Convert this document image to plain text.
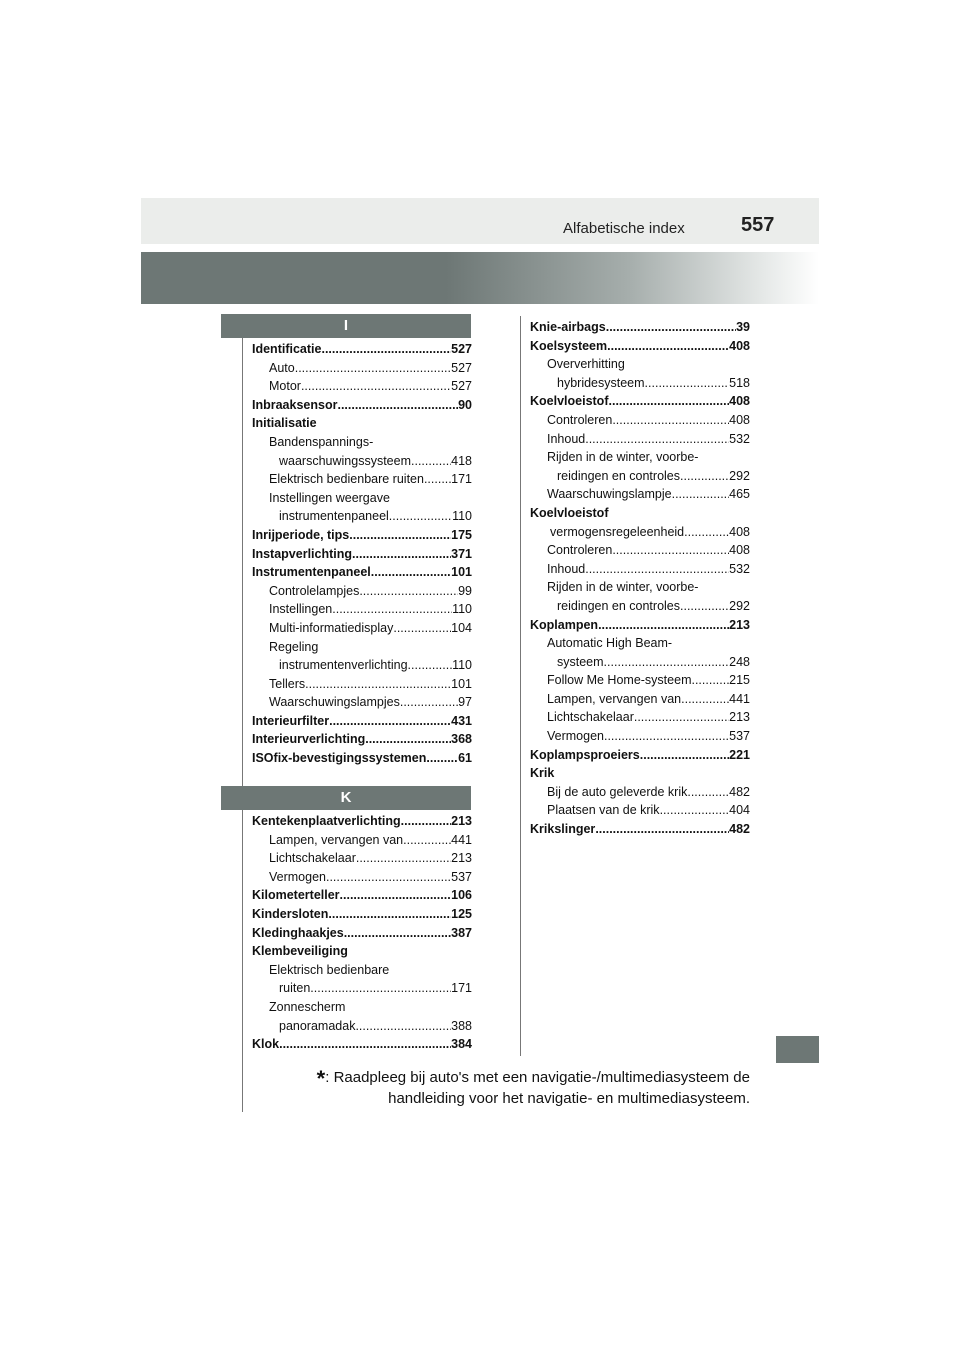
Alfabetische index	557
I
Identificatie .....	527
Auto .....	527
Motor .....	527
Inbraaksensor .....	90
Initialisatie
Bandenspannings-
waarschuwingssysteem .....	418
Elektrisch bedienbare ruiten ..... 171
Instellingen weergave
instrumentenpaneel .....	110
Inrijperiode, tips .....	175
Instapverlichting .....	371
Instrumentenpaneel .....	101
Controlelampjes .....	99
Instellingen .....	110
Multi-informatiedisplay .....	104
Regeling
instrumentenverlichting .....	110
Tellers .....	101
Waarschuwingslampjes .....	97
Interieurfilter .....	431
Interieurverlichting .....	368
ISOfix-bevestigingssystemen .....	61
K
Kentekenplaatverlichting .....	213
Lampen, vervangen van .....	441
Lichtschakelaar .....	213
Vermogen .....	537
Kilometerteller .....	106
Kindersloten .....	125
Kledinghaakjes .....	387
Klembeveiliging
Elektrisch bedienbare
ruiten .....	171
Zonnescherm
panoramadak .....	388
Klok .....	384
Knie-airbags .....	39
Koelsysteem .....	408
Oververhitting
hybridesysteem .....	518
Koelvloeistof .....	408
Controleren .....	408
Inhoud .....	532
Rijden in de winter, voorbe-
reidingen en controles .....	292
Waarschuwingslampje .....	465
Koelvloeistof
vermogensregeleenheid .....	408
Controleren .....	408
Inhoud .....	532
Rijden in de winter, voorbe-
reidingen en controles .....	292
Koplampen .....	213
Automatic High Beam-
systeem .....	248
Follow Me Home-systeem .....	215
Lampen, vervangen van .....	441
Lichtschakelaar .....	213
Vermogen .....	537
Koplampsproeiers .....	221
Krik
Bij de auto geleverde krik .....	482
Plaatsen van de krik .....	404
Krikslinger .....	482
*: Raadpleeg bij auto's met een navigatie-/multimediasysteem de
handleiding voor het navigatie- en multimediasysteem.
